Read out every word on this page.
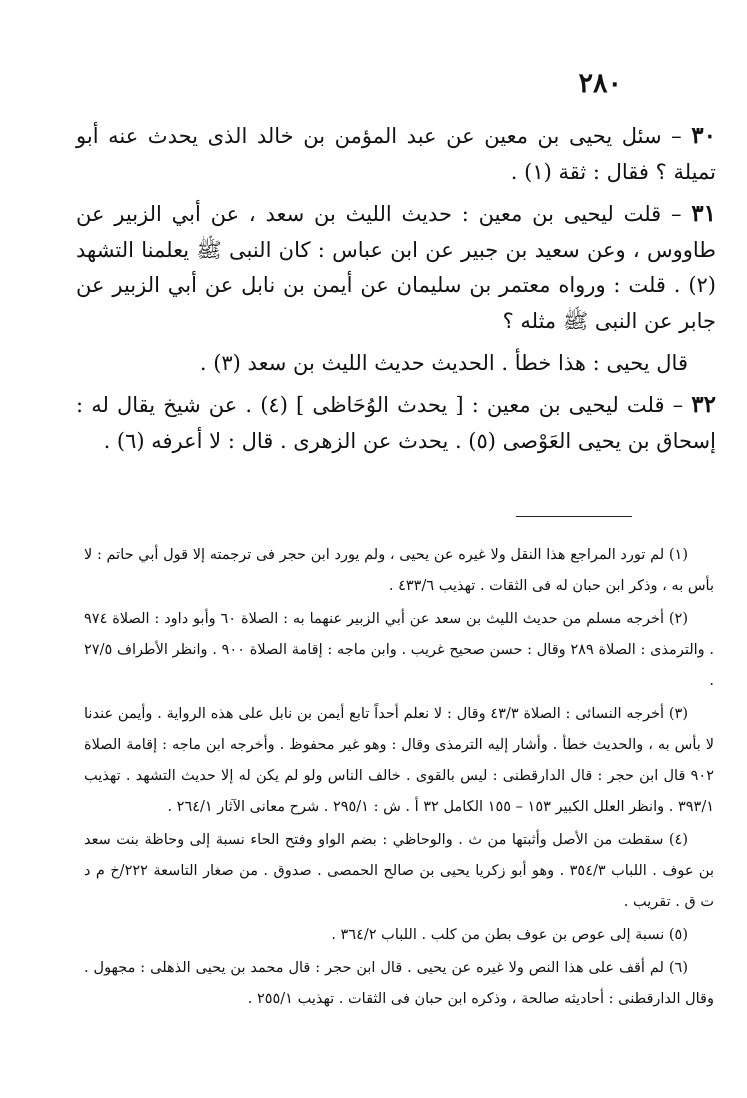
٢٨٠

٣٠ – سئل يحيى بن معين عن عبد المؤمن بن خالد الذى يحدث عنه أبو تميلة ؟ فقال : ثقة (١) .

٣١ – قلت ليحيى بن معين : حديث الليث بن سعد ، عن أبي الزبير عن طاووس ، وعن سعيد بن جبير عن ابن عباس : كان النبى ﷺ يعلمنا التشهد (٢) . قلت : ورواه معتمر بن سليمان عن أيمن بن نابل عن أبي الزبير عن جابر عن النبى ﷺ مثله ؟

قال يحيى : هذا خطأ . الحديث حديث الليث بن سعد (٣) .

٣٢ – قلت ليحيى بن معين : [ يحدث الوُحَاظى ] (٤) . عن شيخ يقال له : إسحاق بن يحيى العَوْصى (٥) . يحدث عن الزهرى . قال : لا أعرفه (٦) .

(١) لم تورد المراجع هذا النقل ولا غيره عن يحيى ، ولم يورد ابن حجر فى ترجمته إلا قول أبي حاتم : لا بأس به ، وذكر ابن حبان له فى الثقات . تهذيب ٤٣٣/٦ .

(٢) أخرجه مسلم من حديث الليث بن سعد عن أبي الزبير عنهما به : الصلاة ٦٠ وأبو داود : الصلاة ٩٧٤ . والترمذى : الصلاة ٢٨٩ وقال : حسن صحيح غريب . وابن ماجه : إقامة الصلاة ٩٠٠ . وانظر الأطراف ٢٧/٥ .

(٣) أخرجه النسائى : الصلاة ٤٣/٣ وقال : لا نعلم أحداً تابع أيمن بن نابل على هذه الرواية . وأيمن عندنا لا بأس به ، والحديث خطأ . وأشار إليه الترمذى وقال : وهو غير محفوظ . وأخرجه ابن ماجه : إقامة الصلاة ٩٠٢ قال ابن حجر : قال الدارقطنى : ليس بالقوى . خالف الناس ولو لم يكن له إلا حديث التشهد . تهذيب ٣٩٣/١ . وانظر العلل الكبير ١٥٣ – ١٥٥ الكامل ٣٢ أ . ش : ٢٩٥/١ . شرح معانى الآثار ٢٦٤/١ .

(٤) سقطت من الأصل وأثبتها من ث . والوحاظي : بضم الواو وفتح الحاء نسبة إلى وحاظة بنت سعد بن عوف . اللباب ٣٥٤/٣ . وهو أبو زكريا يحيى بن صالح الحمصى . صدوق . من صغار التاسعة ٢٢٢/خ م د ت ق . تقريب .

(٥) نسبة إلى عوص بن عوف بطن من كلب . اللباب ٣٦٤/٢ .

(٦) لم أقف على هذا النص ولا غيره عن يحيى . قال ابن حجر : قال محمد بن يحيى الذهلى : مجهول . وقال الدارقطنى : أحاديثه صالحة ، وذكره ابن حبان فى الثقات . تهذيب ٢٥٥/١ .
